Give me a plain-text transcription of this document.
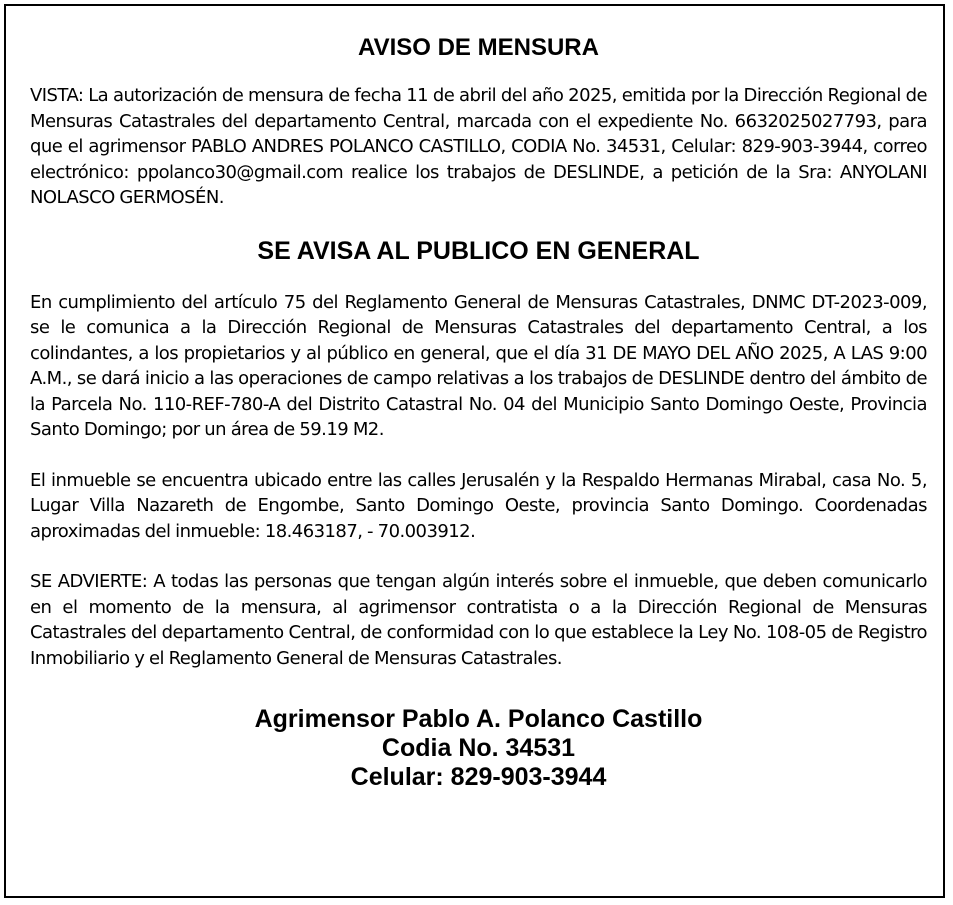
AVISO DE MENSURA

VISTA: La autorización de mensura de fecha 11 de abril del año 2025, emitida por la Dirección Regional de Mensuras Catastrales del departamento Central, marcada con el expediente No. 6632025027793, para que el agrimensor PABLO ANDRES POLANCO CASTILLO, CODIA No. 34531, Celular: 829-903-3944, correo electrónico: ppolanco30@gmail.com realice los trabajos de DESLINDE, a petición de la Sra: ANYOLANI NOLASCO GERMOSÉN.

SE AVISA AL PUBLICO EN GENERAL

En cumplimiento del artículo 75 del Reglamento General de Mensuras Catastrales, DNMC DT-2023-009, se le comunica a la Dirección Regional de Mensuras Catastrales del departamento Central, a los colindantes, a los propietarios y al público en general, que el día 31 DE MAYO DEL AÑO 2025, A LAS 9:00 A.M., se dará inicio a las operaciones de campo relativas a los trabajos de DESLINDE dentro del ámbito de la Parcela No. 110-REF-780-A del Distrito Catastral No. 04 del Municipio Santo Domingo Oeste, Provincia Santo Domingo; por un área de 59.19 M2.

El inmueble se encuentra ubicado entre las calles Jerusalén y la Respaldo Hermanas Mirabal, casa No. 5, Lugar Villa Nazareth de Engombe, Santo Domingo Oeste, provincia Santo Domingo. Coordenadas aproximadas del inmueble: 18.463187, - 70.003912.

SE ADVIERTE: A todas las personas que tengan algún interés sobre el inmueble, que deben comunicarlo en el momento de la mensura, al agrimensor contratista o a la Dirección Regional de Mensuras Catastrales del departamento Central, de conformidad con lo que establece la Ley No. 108-05 de Registro Inmobiliario y el Reglamento General de Mensuras Catastrales.

Agrimensor Pablo A. Polanco Castillo
Codia No. 34531
Celular: 829-903-3944
